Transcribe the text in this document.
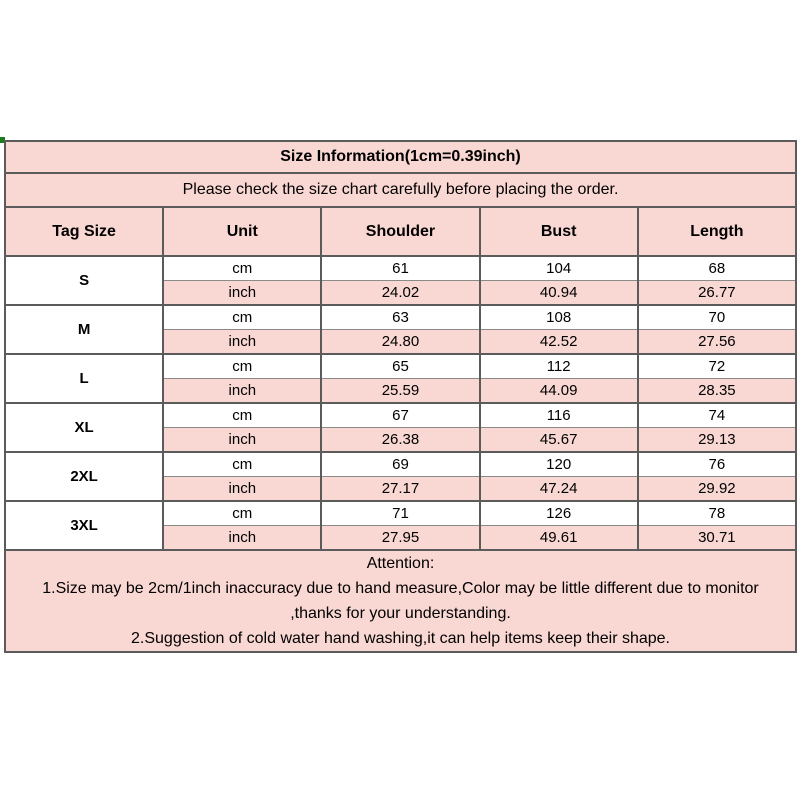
Size Information(1cm=0.39inch)				
Please check the size chart carefully before placing the order.				
Tag Size	Unit	Shoulder	Bust	Length
S	cm	61	104	68
	inch	24.02	40.94	26.77
M	cm	63	108	70
	inch	24.80	42.52	27.56
L	cm	65	112	72
	inch	25.59	44.09	28.35
XL	cm	67	116	74
	inch	26.38	45.67	29.13
2XL	cm	69	120	76
	inch	27.17	47.24	29.92
3XL	cm	71	126	78
	inch	27.95	49.61	30.71

Attention:
1.Size may be 2cm/1inch inaccuracy due to hand measure,Color may be little different due to monitor
,thanks for your understanding.
2.Suggestion of cold water hand washing,it can help items keep their shape.				
